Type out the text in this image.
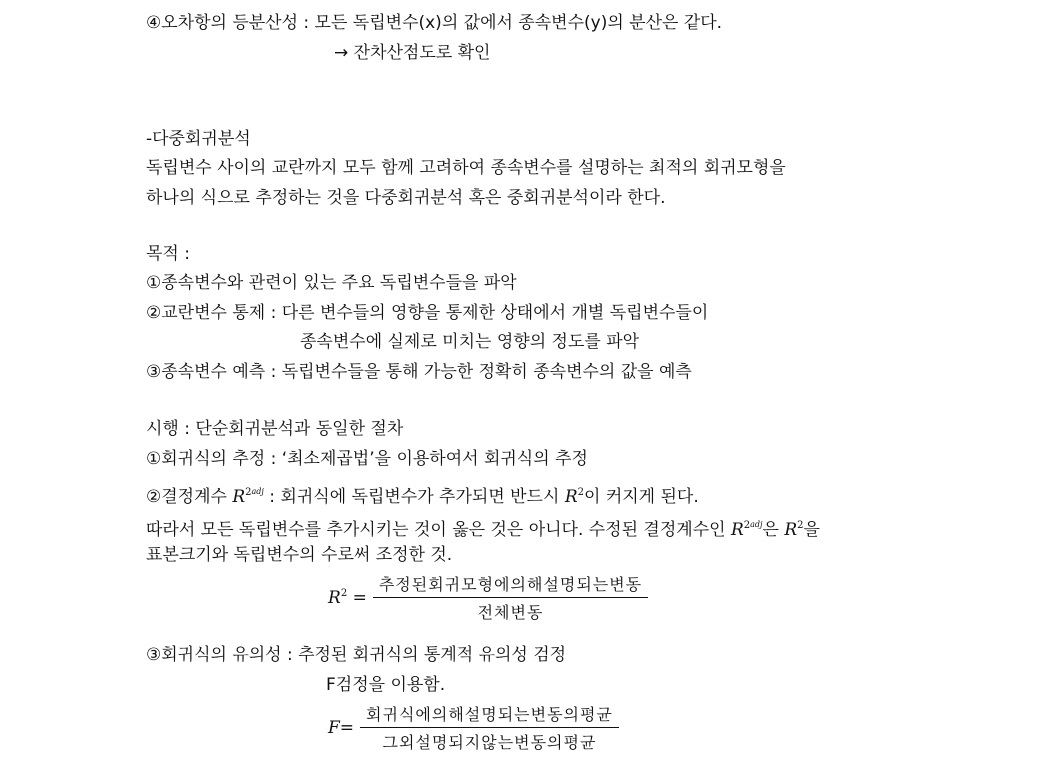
④오차항의 등분산성 : 모든 독립변수(x)의 값에서 종속변수(y)의 분산은 같다.
→ 잔차산점도로 확인
-다중회귀분석
독립변수 사이의 교란까지 모두 함께 고려하여 종속변수를 설명하는 최적의 회귀모형을
하나의 식으로 추정하는 것을 다중회귀분석 혹은 중회귀분석이라 한다.
목적 :
①종속변수와 관련이 있는 주요 독립변수들을 파악
②교란변수 통제 : 다른 변수들의 영향을 통제한 상태에서 개별 독립변수들이
종속변수에 실제로 미치는 영향의 정도를 파악
③종속변수 예측 : 독립변수들을 통해 가능한 정확히 종속변수의 값을 예측
시행 : 단순회귀분석과 동일한 절차
①회귀식의 추정 : ‘최소제곱법’을 이용하여서 회귀식의 추정
②결정계수 $R^{2adj}$ : 회귀식에 독립변수가 추가되면 반드시 $R^2$이 커지게 된다.
따라서 모든 독립변수를 추가시키는 것이 옳은 것은 아니다. 수정된 결정계수인 $R^{2adj}$은 $R^2$을
표본크기와 독립변수의 수로써 조정한 것.
$R^2 = \frac{\text{추정된회귀모형에의해설명되는변동}}{\text{전체변동}}$
③회귀식의 유의성 : 추정된 회귀식의 통계적 유의성 검정
F검정을 이용함.
$F= \frac{\text{회귀식에의해설명되는변동의평균}}{\text{그외설명되지않는변동의평균}}$
